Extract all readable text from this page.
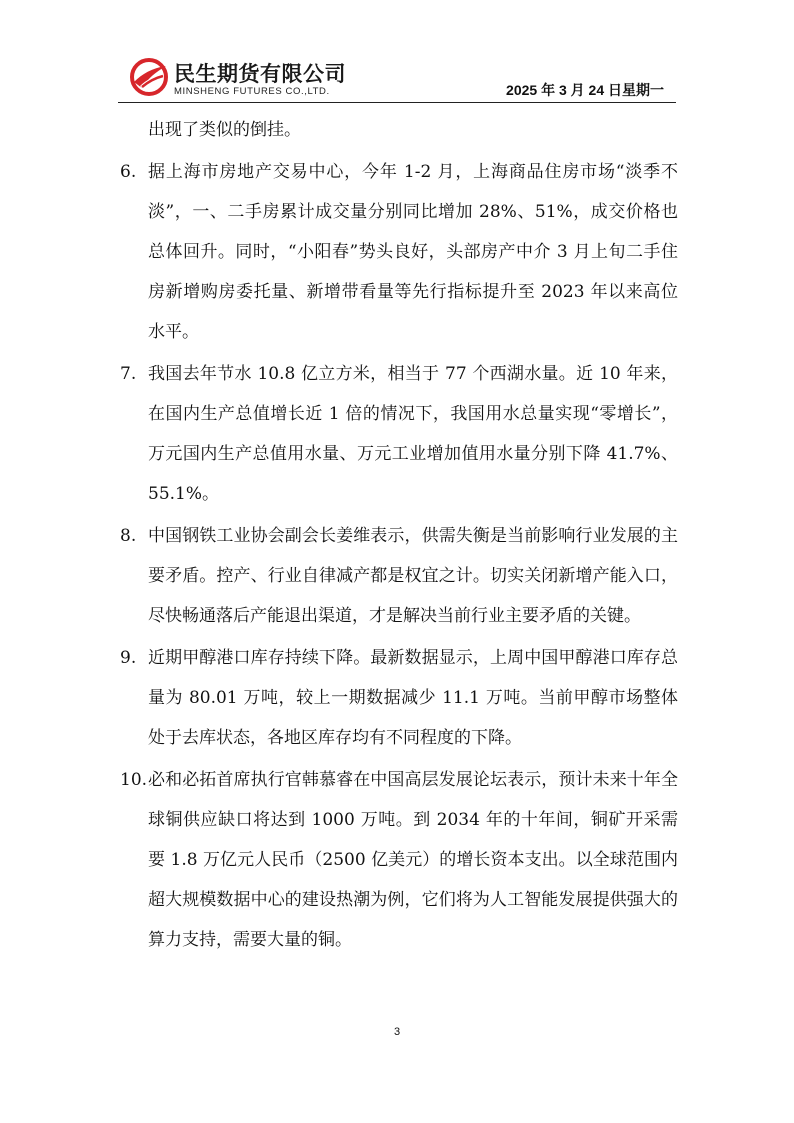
民生期货有限公司
MINSHENG FUTURES CO.,LTD.	2025 年 3 月 24 日星期一
出现了类似的倒挂。
6. 据上海市房地产交易中心，今年 1-2 月，上海商品住房市场“淡季不淡”，一、二手房累计成交量分别同比增加 28%、51%，成交价格也总体回升。同时，“小阳春”势头良好，头部房产中介 3 月上旬二手住房新增购房委托量、新增带看量等先行指标提升至 2023 年以来高位水平。
7. 我国去年节水 10.8 亿立方米，相当于 77 个西湖水量。近 10 年来，在国内生产总值增长近 1 倍的情况下，我国用水总量实现“零增长”，万元国内生产总值用水量、万元工业增加值用水量分别下降 41.7%、55.1%。
8. 中国钢铁工业协会副会长姜维表示，供需失衡是当前影响行业发展的主要矛盾。控产、行业自律减产都是权宜之计。切实关闭新增产能入口，尽快畅通落后产能退出渠道，才是解决当前行业主要矛盾的关键。
9. 近期甲醇港口库存持续下降。最新数据显示，上周中国甲醇港口库存总量为 80.01 万吨，较上一期数据减少 11.1 万吨。当前甲醇市场整体处于去库状态，各地区库存均有不同程度的下降。
10. 必和必拓首席执行官韩慕睿在中国高层发展论坛表示，预计未来十年全球铜供应缺口将达到 1000 万吨。到 2034 年的十年间，铜矿开采需要 1.8 万亿元人民币（2500 亿美元）的增长资本支出。以全球范围内超大规模数据中心的建设热潮为例，它们将为人工智能发展提供强大的算力支持，需要大量的铜。
3
